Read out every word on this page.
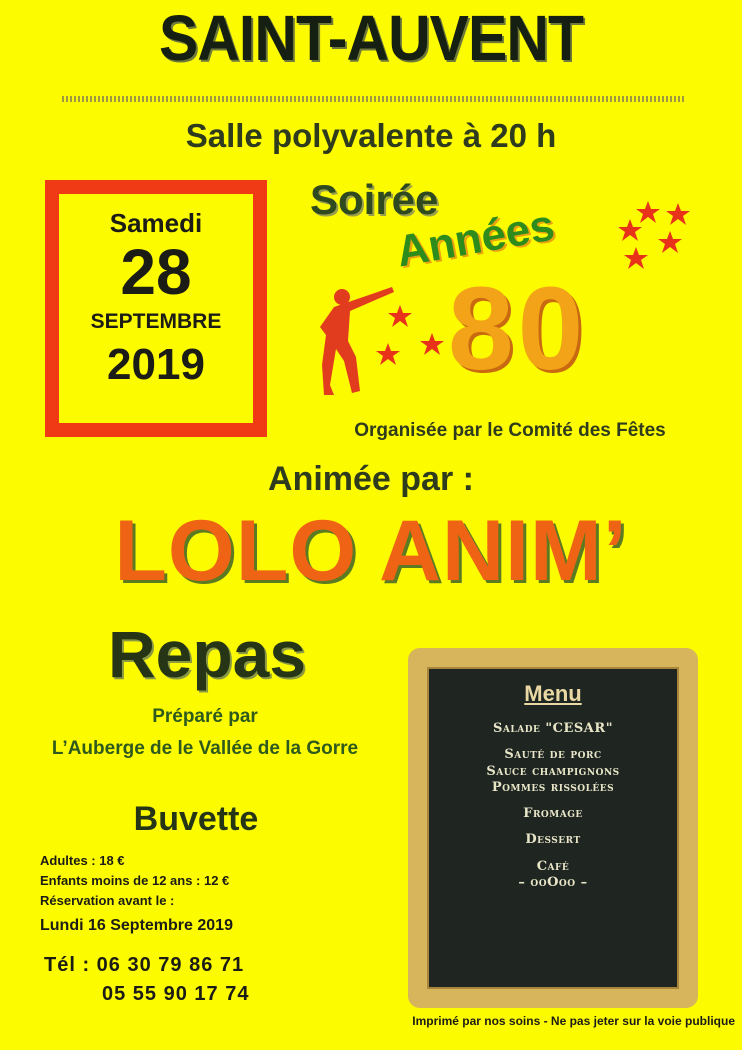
SAINT-AUVENT
Salle polyvalente à 20 h
Samedi
28
SEPTEMBRE
2019
Soirée
Années
80
Organisée par le Comité des Fêtes
Animée par :
LOLO ANIM’
Repas
Préparé par
L’Auberge de le Vallée de la Gorre
Buvette
Adultes : 18 €
Enfants moins de 12 ans : 12 €
Réservation avant le :
Lundi 16 Septembre 2019
Tél : 06 30 79 86 71
05 55 90 17 74
Menu
Salade "CESAR"
Sauté de porc
Sauce champignons
Pommes rissolées
Fromage
Dessert
Café
– ooOoo –
Imprimé par nos soins - Ne pas jeter sur la voie publique
